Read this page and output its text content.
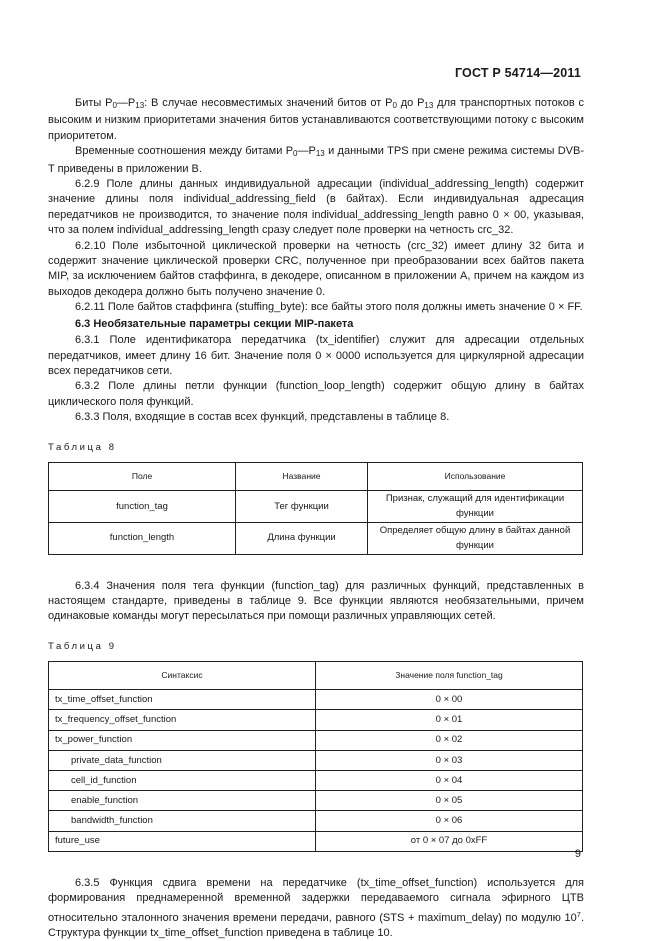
ГОСТ Р 54714—2011

Биты $P_0—P_{13}$: В случае несовместимых значений битов от $P_0$ до $P_{13}$ для транспортных потоков с высоким и низким приоритетами значения битов устанавливаются соответствующими потоку с высоким приоритетом.

Временные соотношения между битами $P_0—P_{13}$ и данными TPS при смене режима системы DVB-T приведены в приложении В.

6.2.9 Поле длины данных индивидуальной адресации (individual_addressing_length) содержит значение длины поля individual_addressing_field (в байтах). Если индивидуальная адресация передатчиков не производится, то значение поля individual_addressing_length равно 0 × 00, указывая, что за полем individual_addressing_length сразу следует поле проверки на четность crc_32.

6.2.10 Поле избыточной циклической проверки на четность (crc_32) имеет длину 32 бита и содержит значение циклической проверки CRC, полученное при преобразовании всех байтов пакета MIP, за исключением байтов стаффинга, в декодере, описанном в приложении А, причем на каждом из выходов декодера должно быть получено значение 0.

6.2.11 Поле байтов стаффинга (stuffing_byte): все байты этого поля должны иметь значение 0 × FF.

6.3 Необязательные параметры секции MIP-пакета

6.3.1 Поле идентификатора передатчика (tx_identifier) служит для адресации отдельных передатчиков, имеет длину 16 бит. Значение поля 0 × 0000 используется для циркулярной адресации всех передатчиков сети.

6.3.2 Поле длины петли функции (function_loop_length) содержит общую длину в байтах циклического поля функций.

6.3.3 Поля, входящие в состав всех функций, представлены в таблице 8.

Таблица 8
Поле	Название	Использование
function_tag	Тег функции	Признак, служащий для идентификации функции
function_length	Длина функции	Определяет общую длину в байтах данной функции

6.3.4 Значения поля тега функции (function_tag) для различных функций, представленных в настоящем стандарте, приведены в таблице 9. Все функции являются необязательными, причем одинаковые команды могут пересылаться при помощи различных управляющих сетей.

Таблица 9
Синтаксис	Значение поля function_tag
tx_time_offset_function	0 × 00
tx_frequency_offset_function	0 × 01
tx_power_function	0 × 02
private_data_function	0 × 03
cell_id_function	0 × 04
enable_function	0 × 05
bandwidth_function	0 × 06
future_use	от 0 × 07 до 0xFF

6.3.5 Функция сдвига времени на передатчике (tx_time_offset_function) используется для формирования преднамеренной временной задержки передаваемого сигнала эфирного ЦТВ относительно эталонного значения времени передачи, равного (STS + maximum_delay) по модулю $10^7$. Структура функции tx_time_offset_function приведена в таблице 10.

9
